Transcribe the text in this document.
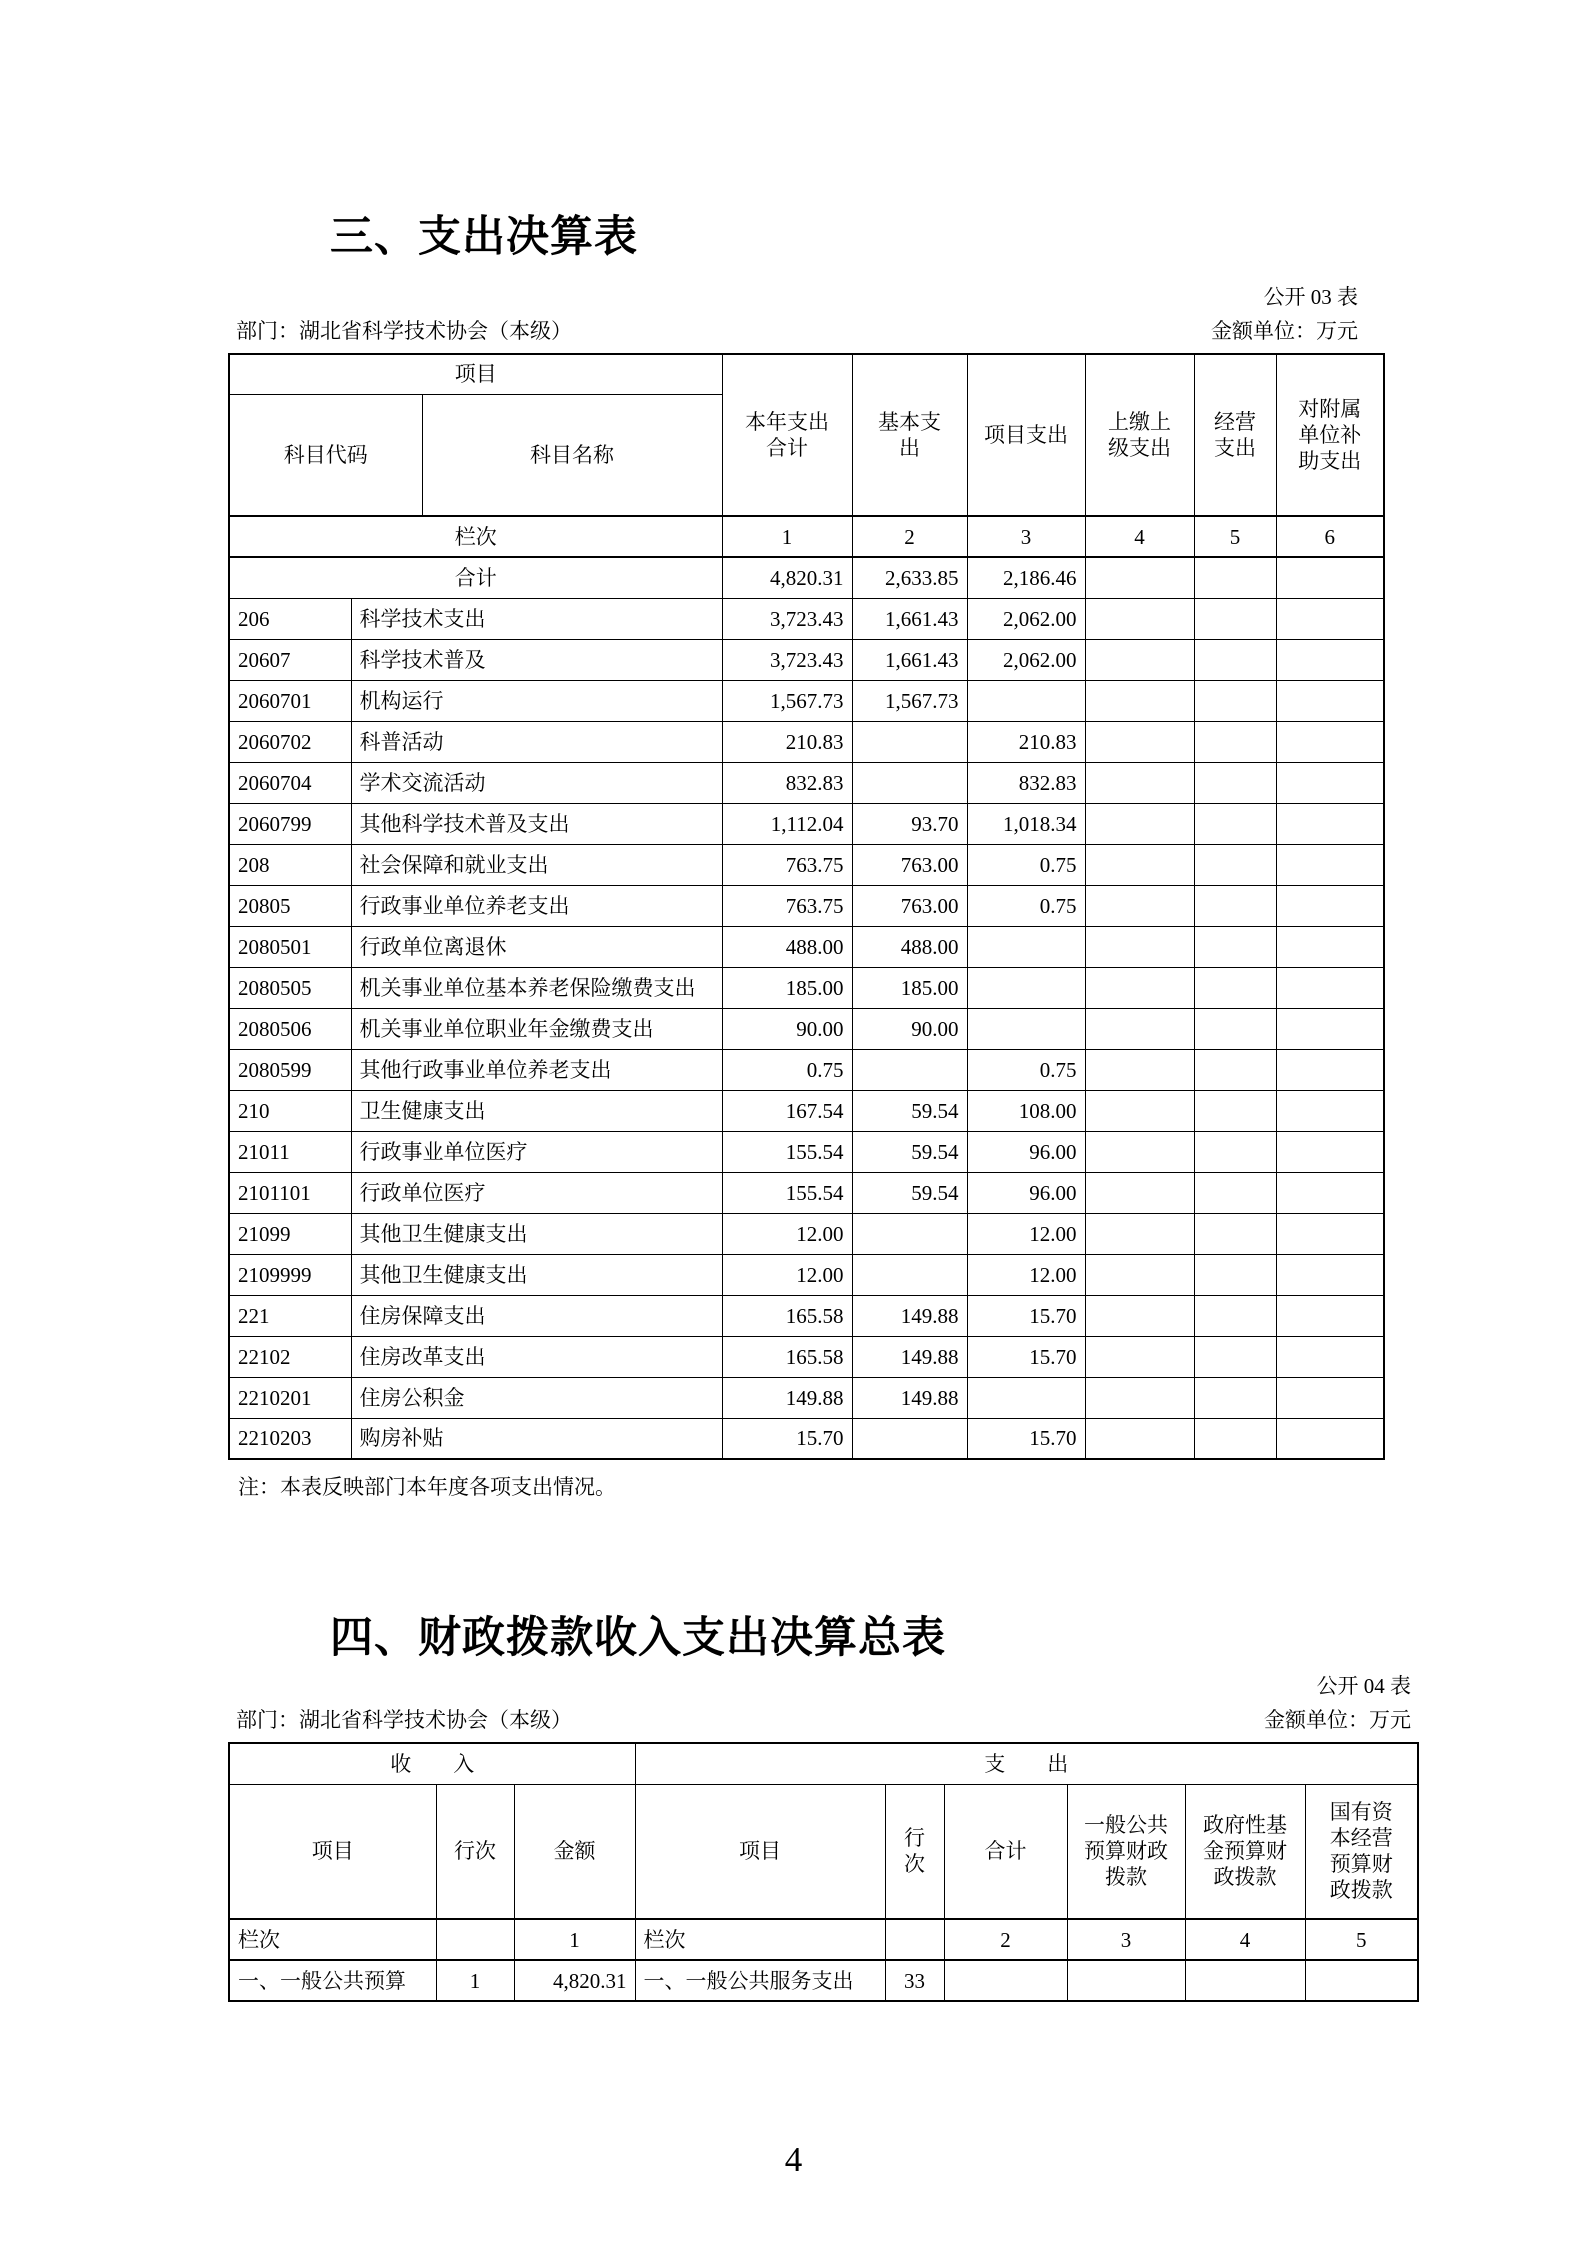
三、支出决算表
公开 03 表
部门：湖北省科学技术协会（本级）	金额单位：万元
项目			本年支出合计	基本支出	项目支出	上缴上级支出	经营支出	对附属单位补助支出
科目代码		科目名称						
栏次			1	2	3	4	5	6
合计			4,820.31	2,633.85	2,186.46			
206	科学技术支出		3,723.43	1,661.43	2,062.00			
20607	科学技术普及		3,723.43	1,661.43	2,062.00			
2060701	机构运行		1,567.73	1,567.73				
2060702	科普活动		210.83		210.83			
2060704	学术交流活动		832.83		832.83			
2060799	其他科学技术普及支出		1,112.04	93.70	1,018.34			
208	社会保障和就业支出		763.75	763.00	0.75			
20805	行政事业单位养老支出		763.75	763.00	0.75			
2080501	行政单位离退休		488.00	488.00				
2080505	机关事业单位基本养老保险缴费支出		185.00	185.00				
2080506	机关事业单位职业年金缴费支出		90.00	90.00				
2080599	其他行政事业单位养老支出		0.75		0.75			
210	卫生健康支出		167.54	59.54	108.00			
21011	行政事业单位医疗		155.54	59.54	96.00			
2101101	行政单位医疗		155.54	59.54	96.00			
21099	其他卫生健康支出		12.00		12.00			
2109999	其他卫生健康支出		12.00		12.00			
221	住房保障支出		165.58	149.88	15.70			
22102	住房改革支出		165.58	149.88	15.70			
2210201	住房公积金		149.88	149.88				
2210203	购房补贴		15.70		15.70			
注：本表反映部门本年度各项支出情况。
四、财政拨款收入支出决算总表
公开 04 表
部门：湖北省科学技术协会（本级）	金额单位：万元
收　　入			支　　出					
项目	行次	金额	项目	行次	合计	一般公共预算财政拨款	政府性基金预算财政拨款	国有资本经营预算财政拨款
栏次		1	栏次		2	3	4	5
一、一般公共预算	1	4,820.31	一、一般公共服务支出	33				
4
